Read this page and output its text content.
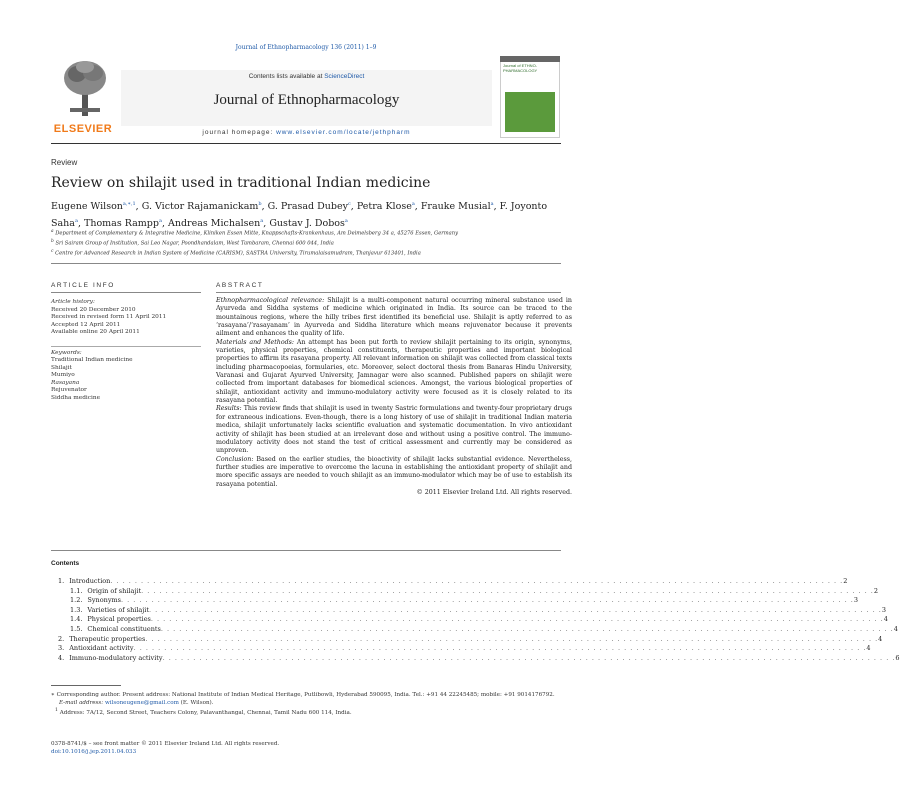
Journal of Ethnopharmacology 136 (2011) 1–9
ELSEVIER
Contents lists available at ScienceDirect
Journal of Ethnopharmacology
journal homepage: www.elsevier.com/locate/jethpharm
Journal of ETHNO-PHARMACOLOGY
Review
Review on shilajit used in traditional Indian medicine
Eugene Wilson$^{a,∗,1}$, G. Victor Rajamanickam$^b$, G. Prasad Dubey$^c$, Petra Klose$^a$, Frauke Musial$^a$, F. Joyonto Saha$^a$, Thomas Rampp$^a$, Andreas Michalsen$^a$, Gustav J. Dobos$^a$
$^a$ Department of Complementary & Integrative Medicine, Kliniken Essen Mitte, Knappschafts-Krankenhaus, Am Deimelsberg 34 a, 45276 Essen, Germany
$^b$ Sri Sairam Group of Institution, Sai Leo Nagar, Poondhandalam, West Tambaram, Chennai 600 044, India
$^c$ Centre for Advanced Research in Indian System of Medicine (CARISM), SASTRA University, Tirumalaisamudram, Thanjavur 613401, India
ARTICLE INFO	ABSTRACT
Article history:
Received 20 December 2010
Received in revised form 11 April 2011
Accepted 12 April 2011
Available online 20 April 2011
Keywords:
Traditional Indian medicine
Shilajit
Mumiyo
Rasayana
Rejuvenator
Siddha medicine

Ethnopharmacological relevance: Shilajit is a multi-component natural occurring mineral substance used in Ayurveda and Siddha systems of medicine which originated in India. Its source can be traced to the mountainous regions, where the hilly tribes first identified its beneficial use. Shilajit is aptly referred to as ‘rasayana’/‘rasayanam’ in Ayurveda and Siddha literature which means rejuvenator because it prevents ailment and enhances the quality of life.

Materials and Methods: An attempt has been put forth to review shilajit pertaining to its origin, synonyms, varieties, physical properties, chemical constituents, therapeutic properties and important biological properties to affirm its rasayana property. All relevant information on shilajit was collected from classical texts including pharmacopoeias, formularies, etc. Moreover, select doctoral thesis from Banaras Hindu University, Varanasi and Gujarat Ayurved University, Jamnagar were also scanned. Published papers on shilajit were collected from important databases for biomedical sciences. Amongst, the various biological properties of shilajit, antioxidant activity and immuno-modulatory activity were focused as it is closely related to its rasayana potential.

Results: This review finds that shilajit is used in twenty Sastric formulations and twenty-four proprietary drugs for extraneous indications. Even-though, there is a long history of use of shilajit in traditional Indian materia medica, shilajit unfortunately lacks scientific evaluation and systematic documentation. In vivo antioxidant activity of shilajit has been studied at an irrelevant dose and without using a positive control. The immuno-modulatory activity does not stand the test of critical assessment and currently may be considered as unproven.

Conclusion: Based on the earlier studies, the bioactivity of shilajit lacks substantial evidence. Nevertheless, further studies are imperative to overcome the lacuna in establishing the antioxidant property of shilajit and more specific assays are needed to vouch shilajit as an immuno-modulator which may be of use to establish its rasayana potential.

© 2011 Elsevier Ireland Ltd. All rights reserved.

Contents
1. Introduction . . . . . . . . . . . . . . . . . . . . . . . . . . . . . . . . . . . . . . . . . . . . . . . . . . . . . . . . . . . . . . . . . . . . . . . . . . . . . . . . . . . . . . . . . . . . . . . . . . . . . . . . . . . . . . . . . . . . . . . . 2
1.1. Origin of shilajit . . . . . . . . . . . . . . . . . . . . . . . . . . . . . . . . . . . . . . . . . . . . . . . . . . . . . . . . . . . . . . . . . . . . . . . . . . . . . . . . . . . . . . . . . . . . . . . . . . . . . . . . . . . . . . . . . . . . . . . . 2
1.2. Synonyms . . . . . . . . . . . . . . . . . . . . . . . . . . . . . . . . . . . . . . . . . . . . . . . . . . . . . . . . . . . . . . . . . . . . . . . . . . . . . . . . . . . . . . . . . . . . . . . . . . . . . . . . . . . . . . . . . . . . . . . . 3
1.3. Varieties of shilajit . . . . . . . . . . . . . . . . . . . . . . . . . . . . . . . . . . . . . . . . . . . . . . . . . . . . . . . . . . . . . . . . . . . . . . . . . . . . . . . . . . . . . . . . . . . . . . . . . . . . . . . . . . . . . . . . . . . . . . . . 3
1.4. Physical properties . . . . . . . . . . . . . . . . . . . . . . . . . . . . . . . . . . . . . . . . . . . . . . . . . . . . . . . . . . . . . . . . . . . . . . . . . . . . . . . . . . . . . . . . . . . . . . . . . . . . . . . . . . . . . . . . . . . . . . . . 4
1.5. Chemical constituents . . . . . . . . . . . . . . . . . . . . . . . . . . . . . . . . . . . . . . . . . . . . . . . . . . . . . . . . . . . . . . . . . . . . . . . . . . . . . . . . . . . . . . . . . . . . . . . . . . . . . . . . . . . . . . . . . . . . . . . . 4
2. Therapeutic properties . . . . . . . . . . . . . . . . . . . . . . . . . . . . . . . . . . . . . . . . . . . . . . . . . . . . . . . . . . . . . . . . . . . . . . . . . . . . . . . . . . . . . . . . . . . . . . . . . . . . . . . . . . . . . . . . . . . . . . . . 4
3. Antioxidant activity . . . . . . . . . . . . . . . . . . . . . . . . . . . . . . . . . . . . . . . . . . . . . . . . . . . . . . . . . . . . . . . . . . . . . . . . . . . . . . . . . . . . . . . . . . . . . . . . . . . . . . . . . . . . . . . . . . . . . . . . 4
4. Immuno-modulatory activity . . . . . . . . . . . . . . . . . . . . . . . . . . . . . . . . . . . . . . . . . . . . . . . . . . . . . . . . . . . . . . . . . . . . . . . . . . . . . . . . . . . . . . . . . . . . . . . . . . . . . . . . . . . . . . . . . . . . . . . . 6
∗ Corresponding author. Present address: National Institute of Indian Medical Heritage, Putlibowli, Hyderabad 590095, India. Tel.: +91 44 22245485; mobile: +91 9014176792.
E-mail address: wilsoneugene@gmail.com (E. Wilson).
$^1$ Address: 7A/12, Second Street, Teachers Colony, Palavanthangal, Chennai, Tamil Nadu 600 114, India.
0378-8741/$ – see front matter © 2011 Elsevier Ireland Ltd. All rights reserved.
doi:10.1016/j.jep.2011.04.033
